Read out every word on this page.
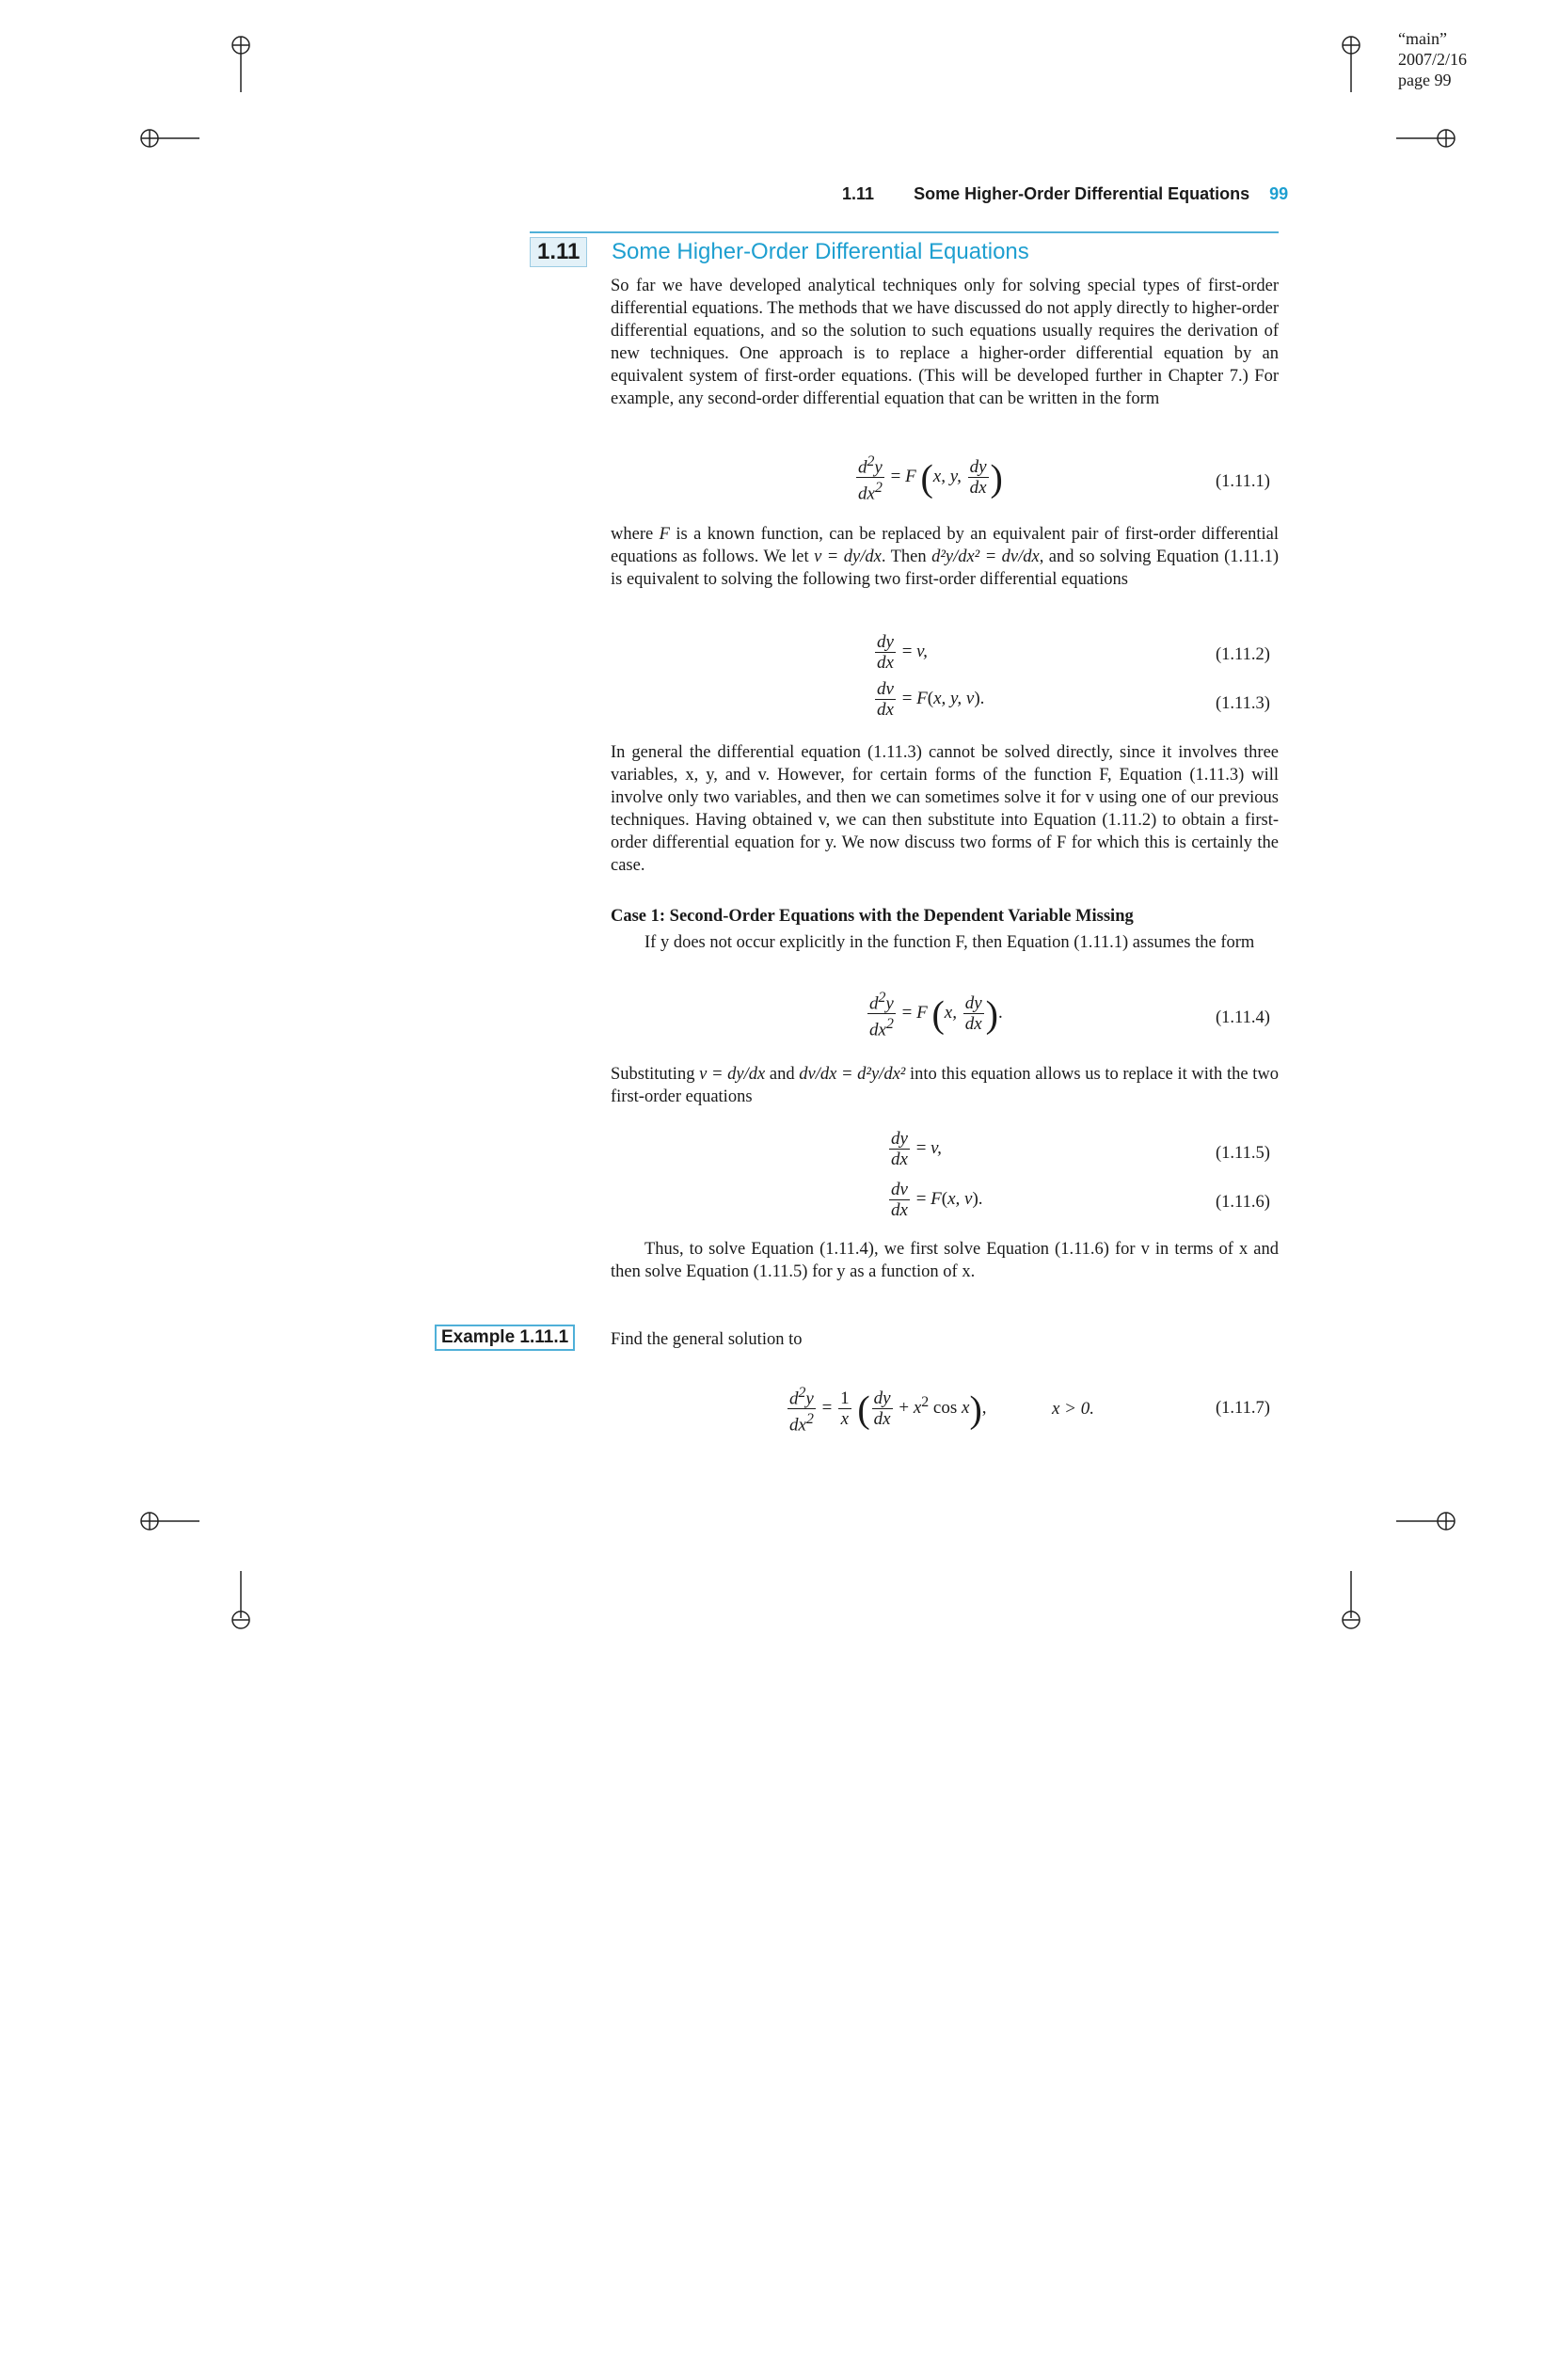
“main”
2007/2/16
page 99
1.11 Some Higher-Order Differential Equations 99
1.11	Some Higher-Order Differential Equations

So far we have developed analytical techniques only for solving special types of first-order differential equations. The methods that we have discussed do not apply directly to higher-order differential equations, and so the solution to such equations usually requires the derivation of new techniques. One approach is to replace a higher-order differential equation by an equivalent system of first-order equations. (This will be developed further in Chapter 7.) For example, any second-order differential equation that can be written in the form

$\frac{d^2y}{dx^2} = F$ (x, y, $\frac{dy}{dx}$ )	(1.11.1)

where F is a known function, can be replaced by an equivalent pair of first-order differential equations as follows. We let v = dy/dx. Then d²y/dx² = dv/dx, and so solving Equation (1.11.1) is equivalent to solving the following two first-order differential equations

$\frac{dy}{dx} = v$,	(1.11.2)
$\frac{dv}{dx} = F(x$, y, v).	(1.11.3)

In general the differential equation (1.11.3) cannot be solved directly, since it involves three variables, x, y, and v. However, for certain forms of the function F, Equation (1.11.3) will involve only two variables, and then we can sometimes solve it for v using one of our previous techniques. Having obtained v, we can then substitute into Equation (1.11.2) to obtain a first-order differential equation for y. We now discuss two forms of F for which this is certainly the case.

Case 1: Second-Order Equations with the Dependent Variable Missing

If y does not occur explicitly in the function F, then Equation (1.11.1) assumes the form

$\frac{d^2y}{dx^2} = F$ (x, $\frac{dy}{dx}$ ).	(1.11.4)

Substituting v = dy/dx and dv/dx = d²y/dx² into this equation allows us to replace it with the two first-order equations

$\frac{dy}{dx} = v$,	(1.11.5)
$\frac{dv}{dx} = F(x$, v).	(1.11.6)

Thus, to solve Equation (1.11.4), we first solve Equation (1.11.6) for v in terms of x and then solve Equation (1.11.5) for y as a function of x.

Example 1.11.1	Find the general solution to
$\frac{d^2y}{dx^2} = \frac{1}{x}$ ( $\frac{dy}{dx} + x^2$ cos x),	x > 0.	(1.11.7)
